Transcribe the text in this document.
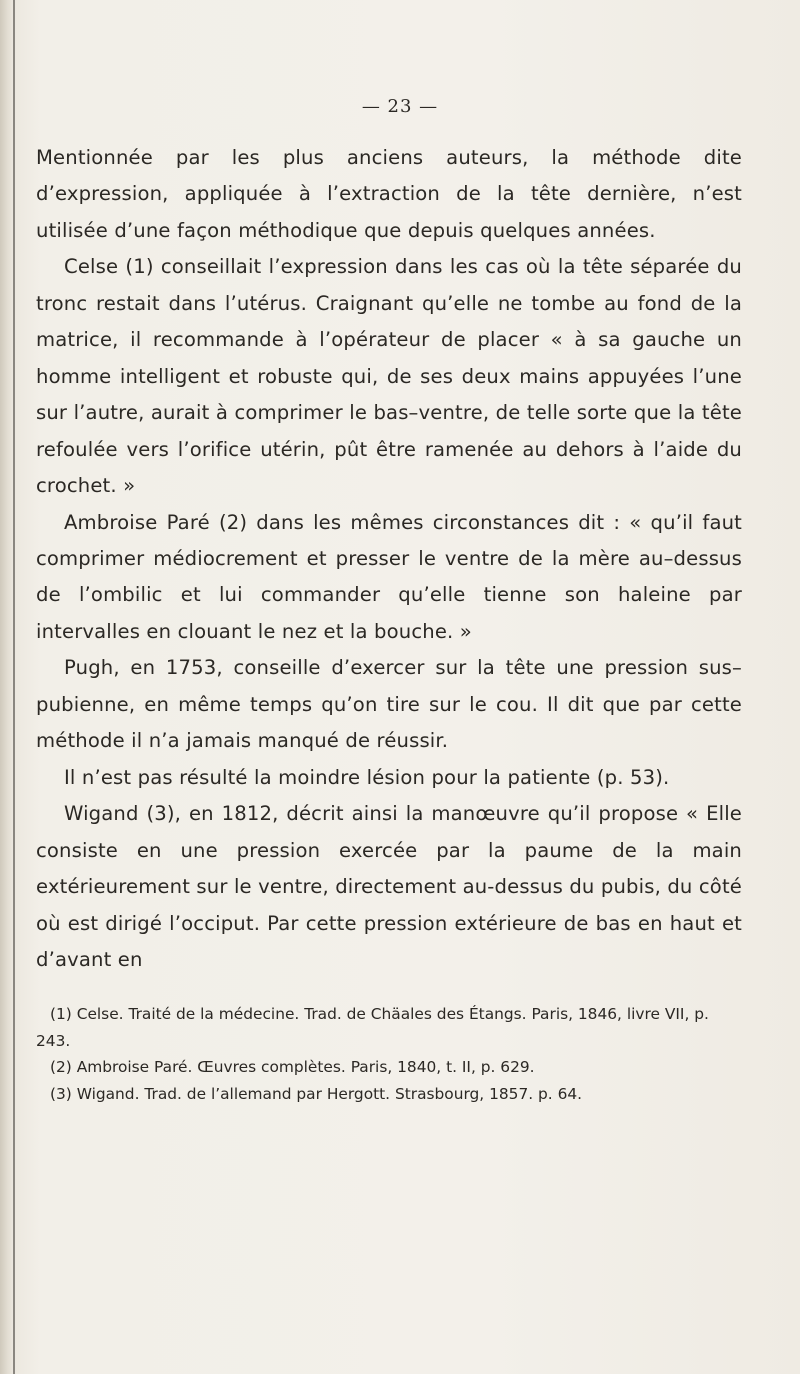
— 23 —

Mentionnée par les plus anciens auteurs, la méthode dite d’expression, appliquée à l’extraction de la tête dernière, n’est utilisée d’une façon méthodique que depuis quelques années.

Celse (1) conseillait l’expression dans les cas où la tête séparée du tronc restait dans l’utérus. Craignant qu’elle ne tombe au fond de la matrice, il recommande à l’opérateur de placer « à sa gauche un homme intelligent et robuste qui, de ses deux mains appuyées l’une sur l’autre, aurait à comprimer le bas–ventre, de telle sorte que la tête refoulée vers l’orifice utérin, pût être ramenée au dehors à l’aide du crochet. »

Ambroise Paré (2) dans les mêmes circonstances dit : « qu’il faut comprimer médiocrement et presser le ventre de la mère au–dessus de l’ombilic et lui commander qu’elle tienne son haleine par intervalles en clouant le nez et la bouche. »

Pugh, en 1753, conseille d’exercer sur la tête une pression sus–pubienne, en même temps qu’on tire sur le cou. Il dit que par cette méthode il n’a jamais manqué de réussir.

Il n’est pas résulté la moindre lésion pour la patiente (p. 53).

Wigand (3), en 1812, décrit ainsi la manœuvre qu’il propose « Elle consiste en une pression exercée par la paume de la main extérieurement sur le ventre, directement au-dessus du pubis, du côté où est dirigé l’occiput. Par cette pression extérieure de bas en haut et d’avant en

(1) Celse. Traité de la médecine. Trad. de Chäales des Étangs. Paris, 1846, livre VII, p. 243.

(2) Ambroise Paré. Œuvres complètes. Paris, 1840, t. II, p. 629.

(3) Wigand. Trad. de l’allemand par Hergott. Strasbourg, 1857. p. 64.
